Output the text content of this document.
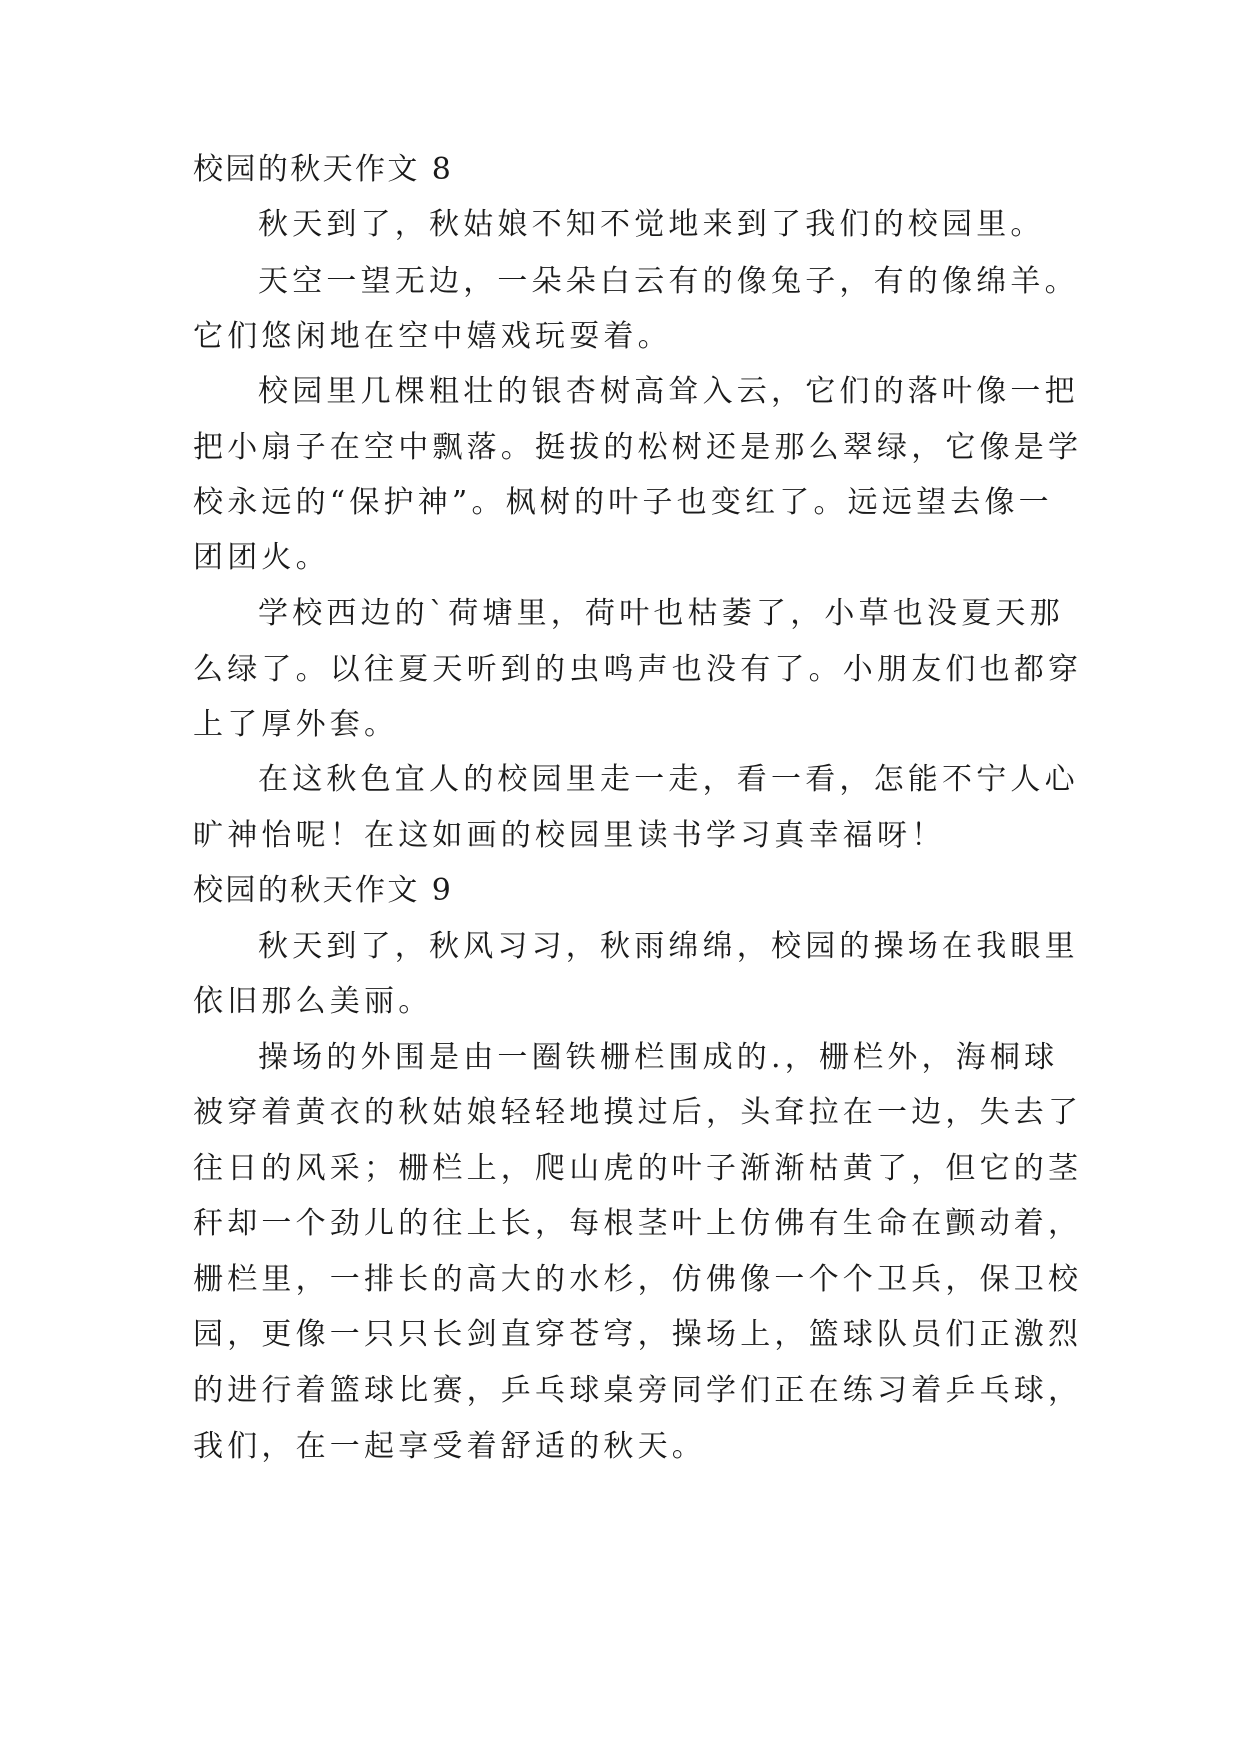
校园的秋天作文 8

秋天到了，秋姑娘不知不觉地来到了我们的校园里。

天空一望无边，一朵朵白云有的像兔子，有的像绵羊。

它们悠闲地在空中嬉戏玩耍着。

校园里几棵粗壮的银杏树高耸入云，它们的落叶像一把

把小扇子在空中飘落。挺拔的松树还是那么翠绿，它像是学

校永远的“保护神”。枫树的叶子也变红了。远远望去像一

团团火。

学校西边的`荷塘里，荷叶也枯萎了，小草也没夏天那

么绿了。以往夏天听到的虫鸣声也没有了。小朋友们也都穿

上了厚外套。

在这秋色宜人的校园里走一走，看一看，怎能不宁人心

旷神怡呢！在这如画的校园里读书学习真幸福呀！

校园的秋天作文 9

秋天到了，秋风习习，秋雨绵绵，校园的操场在我眼里

依旧那么美丽。

操场的外围是由一圈铁栅栏围成的.，栅栏外，海桐球

被穿着黄衣的秋姑娘轻轻地摸过后，头耷拉在一边，失去了

往日的风采；栅栏上，爬山虎的叶子渐渐枯黄了，但它的茎

秆却一个劲儿的往上长，每根茎叶上仿佛有生命在颤动着，

栅栏里，一排长的高大的水杉，仿佛像一个个卫兵，保卫校

园，更像一只只长剑直穿苍穹，操场上，篮球队员们正激烈

的进行着篮球比赛，乒乓球桌旁同学们正在练习着乒乓球，

我们，在一起享受着舒适的秋天。
